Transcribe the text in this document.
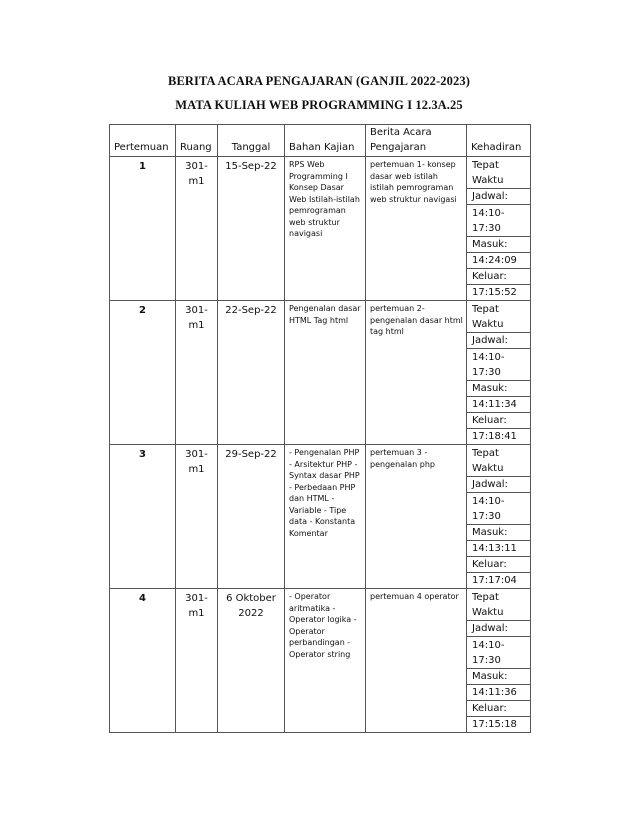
BERITA ACARA PENGAJARAN (GANJIL 2022-2023)
MATA KULIAH WEB PROGRAMMING I 12.3A.25
Pertemuan	Ruang	Tanggal	Bahan Kajian	Berita Acara Pengajaran	Kehadiran
1	301-m1	15-Sep-22	RPS Web Programming I Konsep Dasar Web Istilah-istilah pemrograman web struktur navigasi	pertemuan 1- konsep dasar web istilah istilah pemrograman web struktur navigasi	Tepat Waktu
					Jadwal:
					14:10-17:30
					Masuk:
					14:24:09
					Keluar:
					17:15:52
2	301-m1	22-Sep-22	Pengenalan dasar HTML Tag html	pertemuan 2- pengenalan dasar html tag html	Tepat Waktu
					Jadwal:
					14:10-17:30
					Masuk:
					14:11:34
					Keluar:
					17:18:41
3	301-m1	29-Sep-22	- Pengenalan PHP - Arsitektur PHP - Syntax dasar PHP - Perbedaan PHP dan HTML - Variable - Tipe data - Konstanta Komentar	pertemuan 3 - pengenalan php	Tepat Waktu
					Jadwal:
					14:10-17:30
					Masuk:
					14:13:11
					Keluar:
					17:17:04
4	301-m1	6 Oktober 2022	- Operator aritmatika - Operator logika - Operator perbandingan - Operator string	pertemuan 4 operator	Tepat Waktu
					Jadwal:
					14:10-17:30
					Masuk:
					14:11:36
					Keluar:
					17:15:18
